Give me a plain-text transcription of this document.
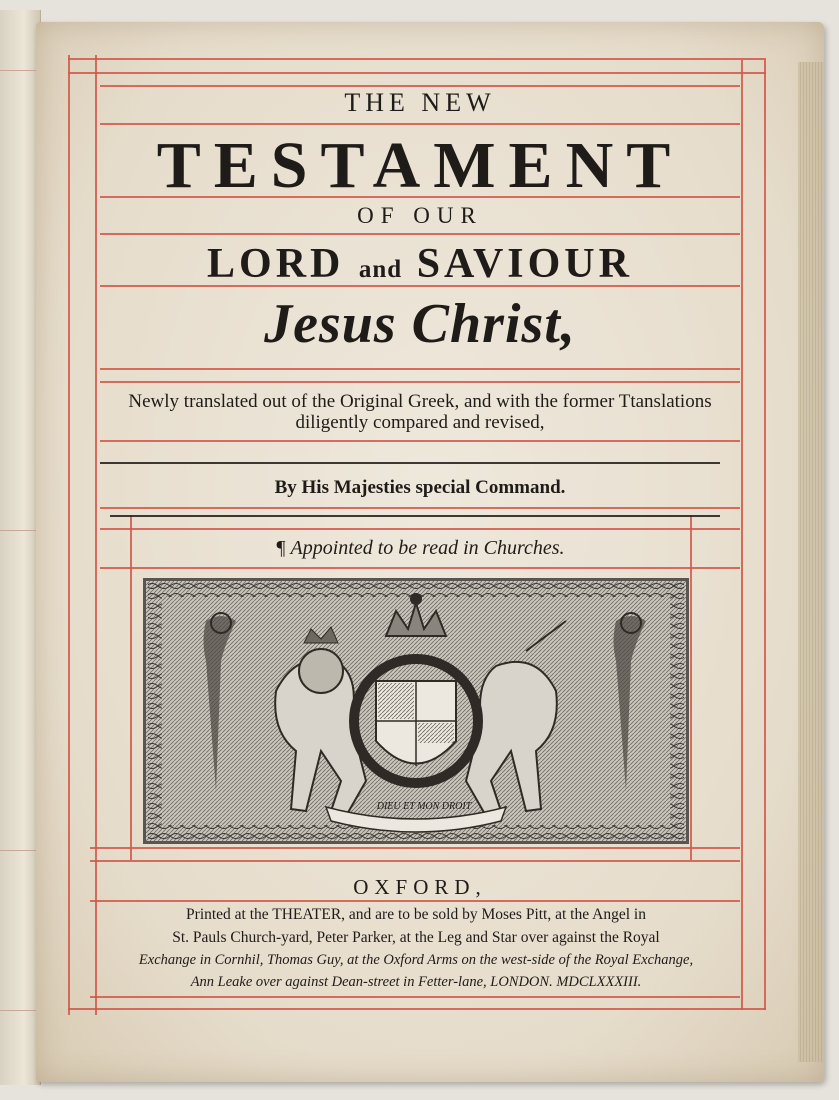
THE NEW
TESTAMENT
OF OUR
LORD and SAVIOUR
Jesus Christ,
Newly translated out of the Original Greek, and with the former Ttanslations
diligently compared and revised,
By His Majesties special Command.
¶ Appointed to be read in Churches.
DIEU ET MON DROIT
OXFORD,
Printed at the THEATER, and are to be sold by Moses Pitt, at the Angel in
St. Pauls Church-yard, Peter Parker, at the Leg and Star over against the Royal
Exchange in Cornhil, Thomas Guy, at the Oxford Arms on the west-side of the Royal Exchange,
Ann Leake over against Dean-street in Fetter-lane, LONDON. MDCLXXXIII.
